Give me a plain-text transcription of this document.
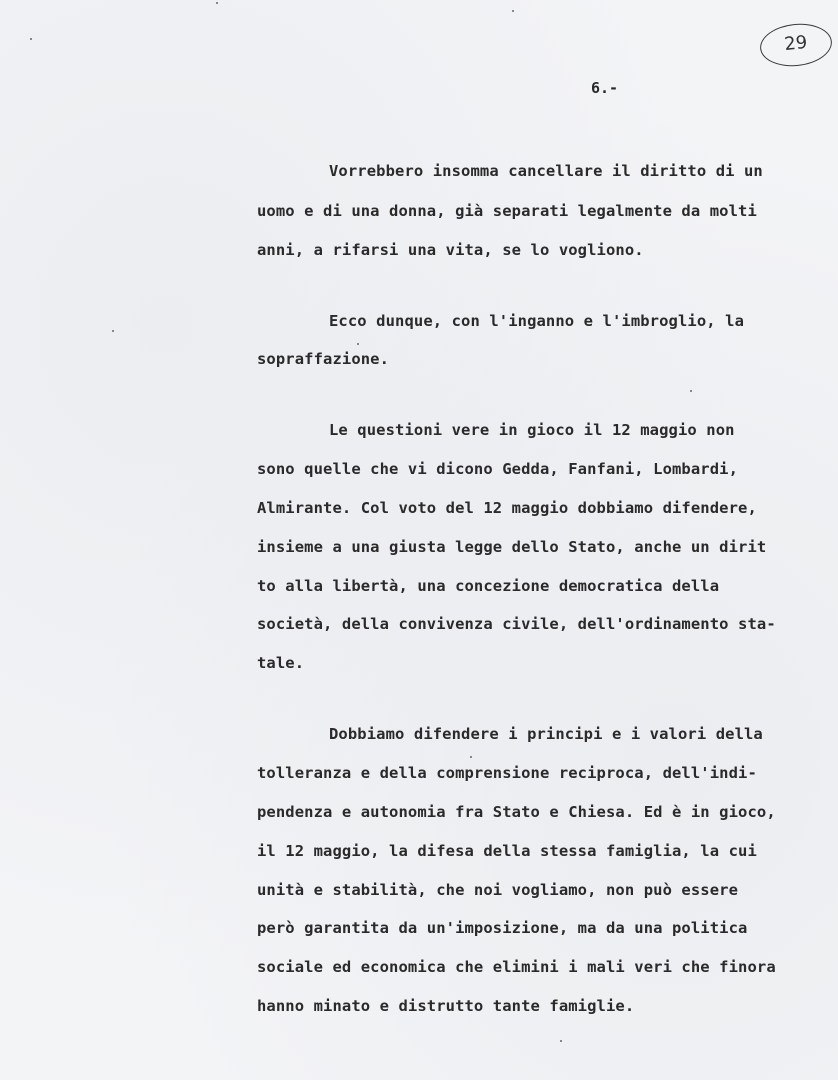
29
6.-
Vorrebbero insomma cancellare il diritto di un
uomo e di una donna, già separati legalmente da molti
anni, a rifarsi una vita, se lo vogliono.
Ecco dunque, con l'inganno e l'imbroglio, la
sopraffazione.
Le questioni vere in gioco il 12 maggio non
sono quelle che vi dicono Gedda, Fanfani, Lombardi,
Almirante. Col voto del 12 maggio dobbiamo difendere,
insieme a una giusta legge dello Stato, anche un dirit
to alla libertà, una concezione democratica della
società, della convivenza civile, dell'ordinamento sta-
tale.
Dobbiamo difendere i principi e i valori della
tolleranza e della comprensione reciproca, dell'indi-
pendenza e autonomia fra Stato e Chiesa. Ed è in gioco,
il 12 maggio, la difesa della stessa famiglia, la cui
unità e stabilità, che noi vogliamo, non può essere
però garantita da un'imposizione, ma da una politica
sociale ed economica che elimini i mali veri che finora
hanno minato e distrutto tante famiglie.
